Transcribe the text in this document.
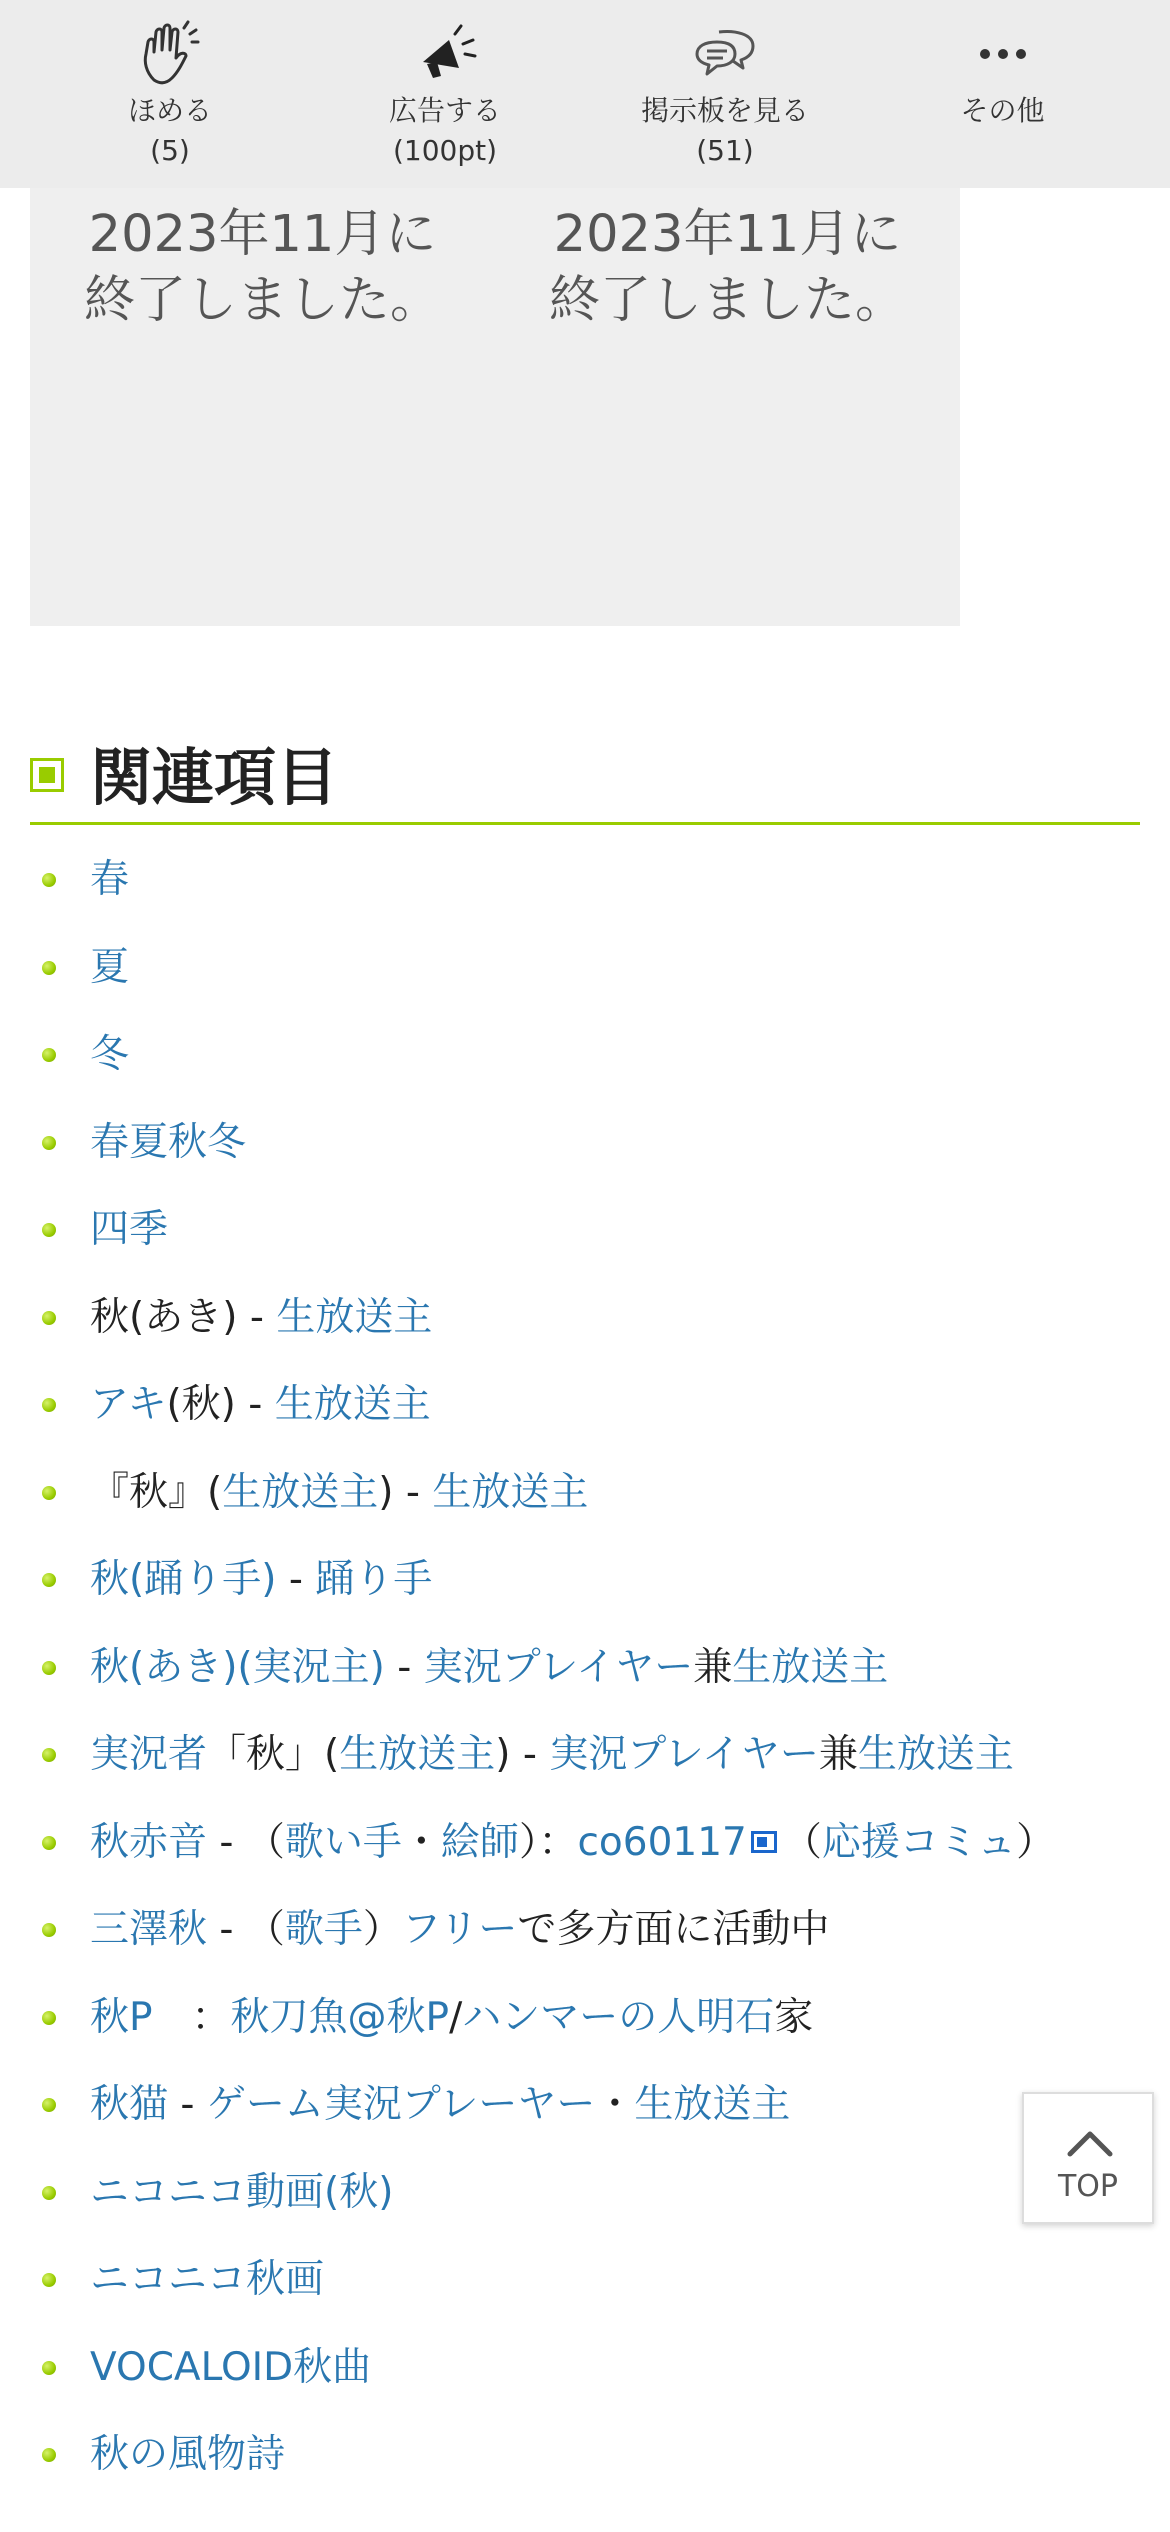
2023年11月に
終了しました。
2023年11月に
終了しました。
ほめる
(5)
広告する
(100pt)
掲示板を見る
(51)
その他
関連項目
春
夏
冬
春夏秋冬
四季
秋(あき) - 生放送主
アキ(秋) - 生放送主
『秋』(生放送主) - 生放送主
秋(踊り手) - 踊り手
秋(あき)(実況主) - 実況プレイヤー兼生放送主
実況者「秋」(生放送主) - 実況プレイヤー兼生放送主
秋赤音 - （歌い手・絵師）：co60117 （応援コミュ）
三澤秋 - （歌手）フリーで多方面に活動中
秋P　：秋刀魚@秋P/ハンマーの人明石家
秋猫 - ゲーム実況プレーヤー・生放送主
ニコニコ動画(秋)
ニコニコ秋画
VOCALOID秋曲
秋の風物詩
TOP
